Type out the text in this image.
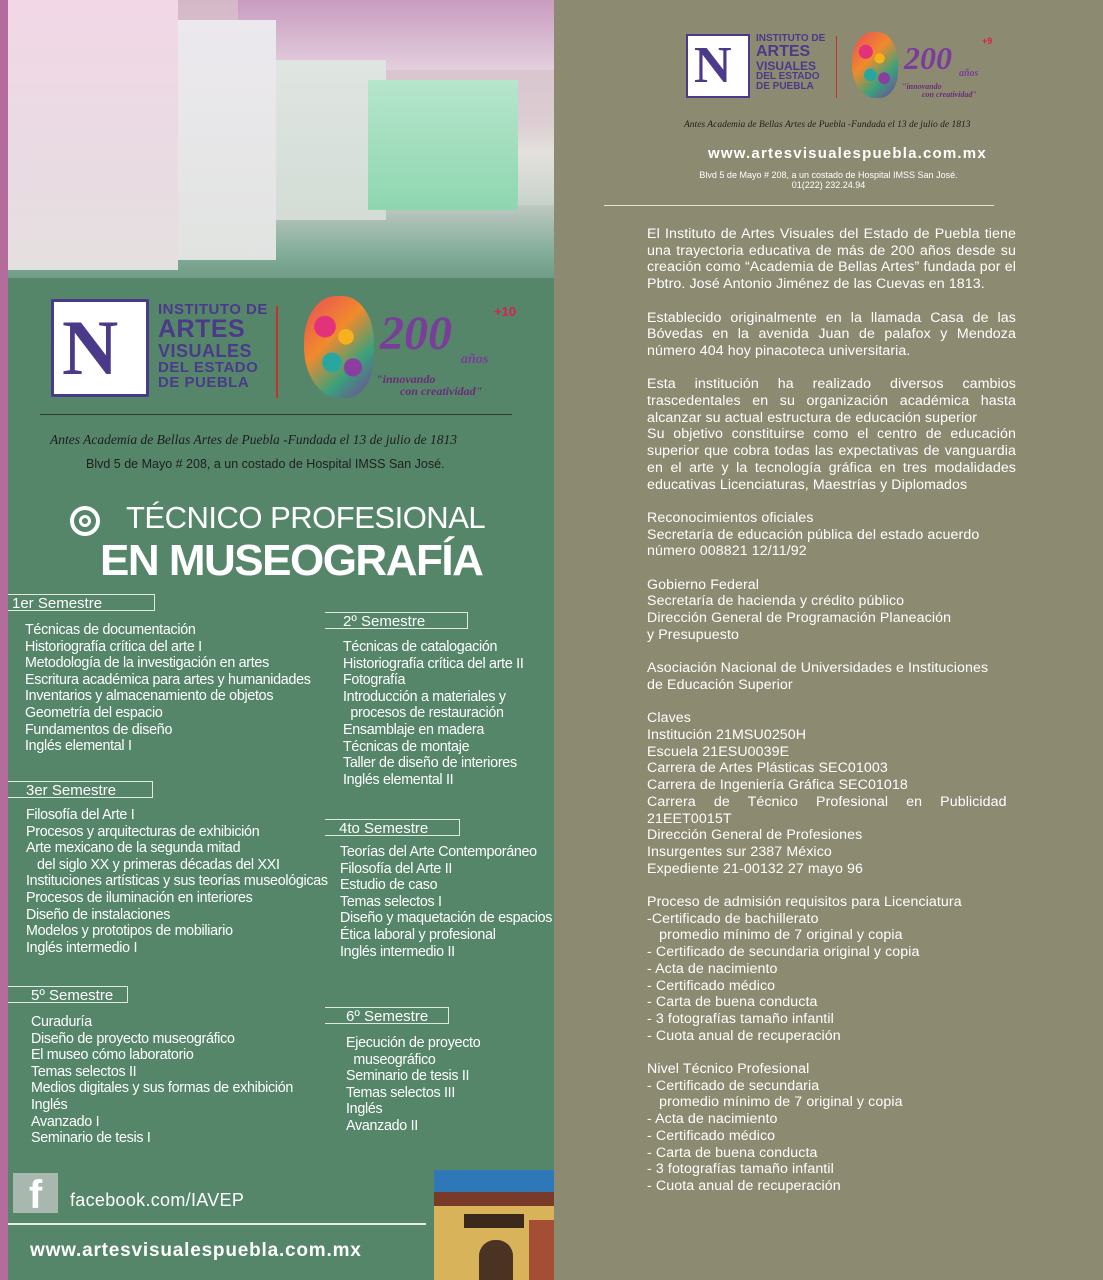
N	INSTITUTO DE
ARTES
VISUALES
DEL ESTADO
DE PUEBLA
200	+10
años
"innovando
con creatividad"
Antes Academia de Bellas Artes de Puebla -Fundada el 13 de julio de 1813
Blvd 5 de Mayo # 208, a un costado de Hospital IMSS San José.
TÉCNICO PROFESIONAL
EN MUSEOGRAFÍA
1er Semestre
Técnicas de documentación
Historiografía crítica del arte I
Metodología de la investigación en artes
Escritura académica para artes y humanidades
Inventarios y almacenamiento de objetos
Geometría del espacio
Fundamentos de diseño
Inglés elemental I
2º Semestre
Técnicas de catalogación
Historiografía crítica del arte II
Fotografía
Introducción a materiales y
procesos de restauración
Ensamblaje en madera
Técnicas de montaje
Taller de diseño de interiores
Inglés elemental II
3er Semestre
Filosofía del Arte I
Procesos y arquitecturas de exhibición
Arte mexicano de la segunda mitad
del siglo XX y primeras décadas del XXI
Instituciones artísticas y sus teorías museológicas
Procesos de iluminación en interiores
Diseño de instalaciones
Modelos y prototipos de mobiliario
Inglés intermedio I
4to Semestre
Teorías del Arte Contemporáneo
Filosofía del Arte II
Estudio de caso
Temas selectos I
Diseño y maquetación de espacios
Ética laboral y profesional
Inglés intermedio II
5º Semestre
Curaduría
Diseño de proyecto museográfico
El museo cómo laboratorio
Temas selectos II
Medios digitales y sus formas de exhibición
Inglés
Avanzado I
Seminario de tesis I
6º Semestre
Ejecución de proyecto
museográfico
Seminario de tesis II
Temas selectos III
Inglés
Avanzado II
f	facebook.com/IAVEP
www.artesvisualespuebla.com.mx
N INSTITUTO DE
ARTES
VISUALES
DEL ESTADO
DE PUEBLA
200	+9
años
"innovando
con creatividad"
Antes Academia de Bellas Artes de Puebla -Fundada el 13 de julio de 1813
www.artesvisualespuebla.com.mx
Blvd 5 de Mayo # 208, a un costado de Hospital IMSS San José.
01(222) 232.24.94

El Instituto de Artes Visuales del Estado de Puebla tiene una trayectoria educativa de más de 200 años desde su creación como “Academia de Bellas Artes” fundada por el Pbtro. José Antonio Jiménez de las Cuevas en 1813.

Establecido originalmente en la llamada Casa de las Bóvedas en la avenida Juan de palafox y Mendoza número 404 hoy pinacoteca universitaria.

Esta institución ha realizado diversos cambios trascedentales en su organización académica hasta alcanzar su actual estructura de educación superior

Su objetivo constituirse como el centro de educación superior que cobra todas las expectativas de vanguardia en el arte y la tecnología gráfica en tres modalidades educativas Licenciaturas, Maestrías y Diplomados

Reconocimientos oficiales
Secretaría de educación pública del estado acuerdo
número 008821 12/11/92

Gobierno Federal
Secretaría de hacienda y crédito público
Dirección General de Programación Planeación
y Presupuesto

Asociación Nacional de Universidades e Instituciones
de Educación Superior

Claves
Institución 21MSU0250H
Escuela 21ESU0039E
Carrera de Artes Plásticas SEC01003
Carrera de Ingeniería Gráfica SEC01018
Carrera de Técnico Profesional en Publicidad
21EET0015T
Dirección General de Profesiones
Insurgentes sur 2387 México
Expediente 21-00132 27 mayo 96

Proceso de admisión requisitos para Licenciatura
-Certificado de bachillerato
promedio mínimo de 7 original y copia
- Certificado de secundaria original y copia
- Acta de nacimiento
- Certificado médico
- Carta de buena conducta
- 3 fotografías tamaño infantil
- Cuota anual de recuperación

Nivel Técnico Profesional
- Certificado de secundaria
promedio mínimo de 7 original y copia
- Acta de nacimiento
- Certificado médico
- Carta de buena conducta
- 3 fotografías tamaño infantil
- Cuota anual de recuperación
